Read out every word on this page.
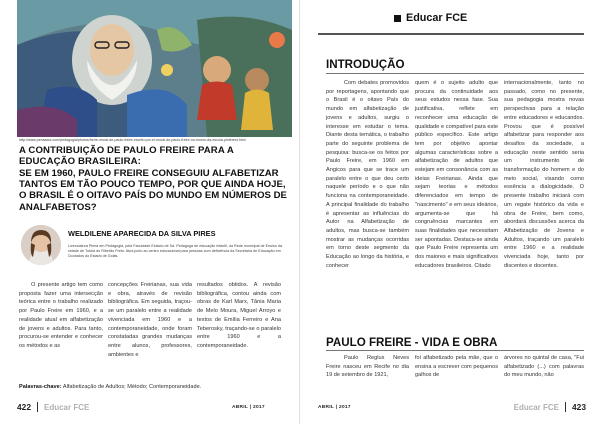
http://www.pensador.com/pedagogia/photos/freire-mural-de-paulo-freire-escrito-por-el-mural-de-paulo-freire-no-muros-da-escola-pinterest.html
A CONTRIBUIÇÃO DE PAULO FREIRE PARA A EDUCAÇÃO BRASILEIRA:
SE EM 1960, PAULO FREIRE CONSEGUIU ALFABETIZAR TANTOS EM TÃO POUCO TEMPO, POR QUE AINDA HOJE, O BRASIL É O OITAVO PAÍS DO MUNDO EM NÚMEROS DE ANALFABETOS?
WELDILENE APARECIDA DA SILVA PIRES
Licenciatura Plena em Pedagogia, pela Faculdade Estácio de Sá. Pedagoga de educação infantil, da Rede municipal de Ensino da cidade de Tutóia do Riberão Preto. Atua junto ao centro educacional para pessoas com deficiência da Secretaria de Educação em Dourados do Estado de Goiás.

O presente artigo tem como proposta fazer uma intersecção teórica entre o trabalho realizado por Paulo Freire em 1960, e a realidade atual em alfabetização de jovens e adultos. Para tanto, procurou-se entender e conhecer os métodos e as

concepções Freirianas, sua vida e obra, através de revisão bibliográfica. Em seguida, traçou-se um paralelo entre a realidade vivenciada em 1960 e a contemporaneidade, onde foram constatadas grandes mudanças entre alunos, professores, ambientes e

resultados obtidos. A revisão bibliográfica, contou ainda com obras de Karl Marx, Tânia Maria de Melo Moura, Miguel Arroyo e textos de Emília Ferreiro e Ana Teberosky, traçando-se o paralelo entre 1960 e a contemporaneidade.

Palavras-chave: Alfabetização de Adultos; Método; Contemporaneidade.
422 Educar FCE	ABRIL | 2017
Educar FCE
INTRODUÇÃO

Com debates promovidos por reportagens, apontando que o Brasil é o oitavo País do mundo em alfabetização de jovens e adultos, surgiu o interesse em estudar o tema. Diante desta temática, o trabalho parte do seguinte problema de pesquisa: busca-se os feitos por Paulo Freire, em 1960 em Angicos para que se trace um paralelo entre o que deu certo naquele período e o que não funciona na contemporaneidade. A principal finalidade do trabalho é apresentar as influências do Autor na Alfabetização de adultos, mas busca-se também mostrar as mudanças ocorridas em torno deste segmento da Educação ao longo da história, e conhecer

quem é o sujeito adulto que procura da continuidade aos seus estudos nessa fase. Sua justificativa, reflete em reconhecer uma educação de qualidade e compatível para este público específico. Este artigo tem por objetivo apontar algumas características sobre a alfabetização de adultos que estejam em consonância com as ideias Freirianas. Ainda que sejam teorias e métodos diferenciados em tempo de "nascimento" e em seus ideários, argumenta-se que há congruências marcantes em suas finalidades que necessitam ser apontadas. Destaca-se ainda que Paulo Freire representa um dos maiores e mais significativos educadores brasileiros. Citado

internacionalmente, tanto no passado, como no presente, sua pedagogia mostra novas perspectivas para a relação entre educadores e educandos. Provou que é possível alfabetizar para responder aos desafios da sociedade, a educação neste sentido seria um instrumento de transformação do homem e do meio social, visando como essência a dialogicidade. O presente trabalho iniciará com um regate histórico da vida e obra de Freire, bem como, abordará discussões acerca da Alfabetização de Jovens e Adultos, traçando um paralelo entre 1960 e a realidade vivenciada hoje, tanto por discentes e docentes.

PAULO FREIRE - VIDA E OBRA

Paulo Reglus Neves Freire nasceu em Recife no dia 19 de setembro de 1921,

foi alfabetizado pela mãe, que o ensina a escrever com pequenos galhos de

árvores no quintal de casa, "Fui alfabetizado (...) com palavras do meu mundo, não

ABRIL | 2017	Educar FCE 423
